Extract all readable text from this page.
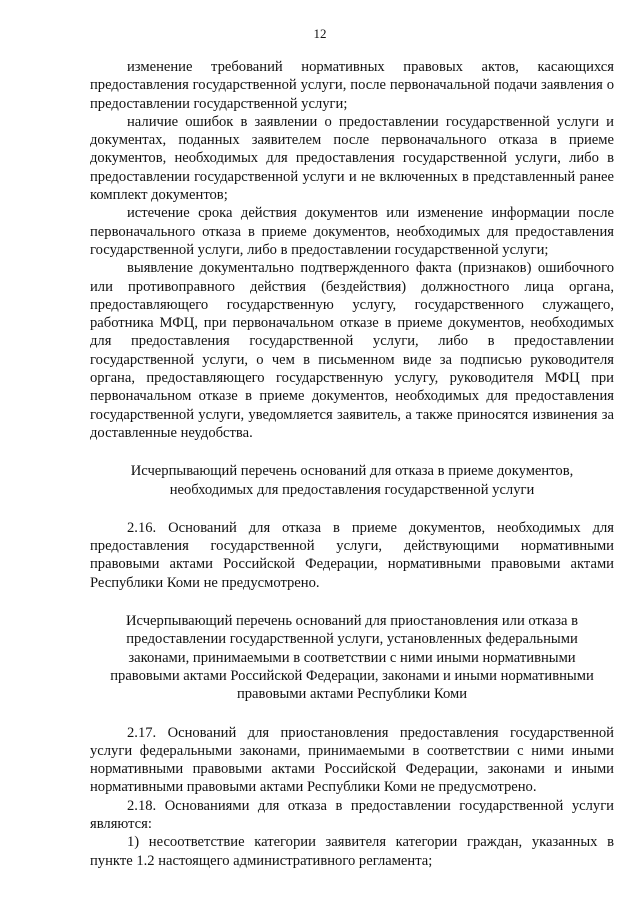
12

изменение требований нормативных правовых актов, касающихся предоставления государственной услуги, после первоначальной подачи заявления о предоставлении государственной услуги;

наличие ошибок в заявлении о предоставлении государственной услуги и документах, поданных заявителем после первоначального отказа в приеме документов, необходимых для предоставления государственной услуги, либо в предоставлении государственной услуги и не включенных в представленный ранее комплект документов;

истечение срока действия документов или изменение информации после первоначального отказа в приеме документов, необходимых для предоставления государственной услуги, либо в предоставлении государственной услуги;

выявление документально подтвержденного факта (признаков) ошибочного или противоправного действия (бездействия) должностного лица органа, предоставляющего государственную услугу, государственного служащего, работника МФЦ, при первоначальном отказе в приеме документов, необходимых для предоставления государственной услуги, либо в предоставлении государственной услуги, о чем в письменном виде за подписью руководителя органа, предоставляющего государственную услугу, руководителя МФЦ при первоначальном отказе в приеме документов, необходимых для предоставления государственной услуги, уведомляется заявитель, а также приносятся извинения за доставленные неудобства.

Исчерпывающий перечень оснований для отказа в приеме документов, необходимых для предоставления государственной услуги

2.16. Оснований для отказа в приеме документов, необходимых для предоставления государственной услуги, действующими нормативными правовыми актами Российской Федерации, нормативными правовыми актами Республики Коми не предусмотрено.

Исчерпывающий перечень оснований для приостановления или отказа в предоставлении государственной услуги, установленных федеральными законами, принимаемыми в соответствии с ними иными нормативными правовыми актами Российской Федерации, законами и иными нормативными правовыми актами Республики Коми

2.17. Оснований для приостановления предоставления государственной услуги федеральными законами, принимаемыми в соответствии с ними иными нормативными правовыми актами Российской Федерации, законами и иными нормативными правовыми актами Республики Коми не предусмотрено.

2.18. Основаниями для отказа в предоставлении государственной услуги являются:

1) несоответствие категории заявителя категории граждан, указанных в пункте 1.2 настоящего административного регламента;
